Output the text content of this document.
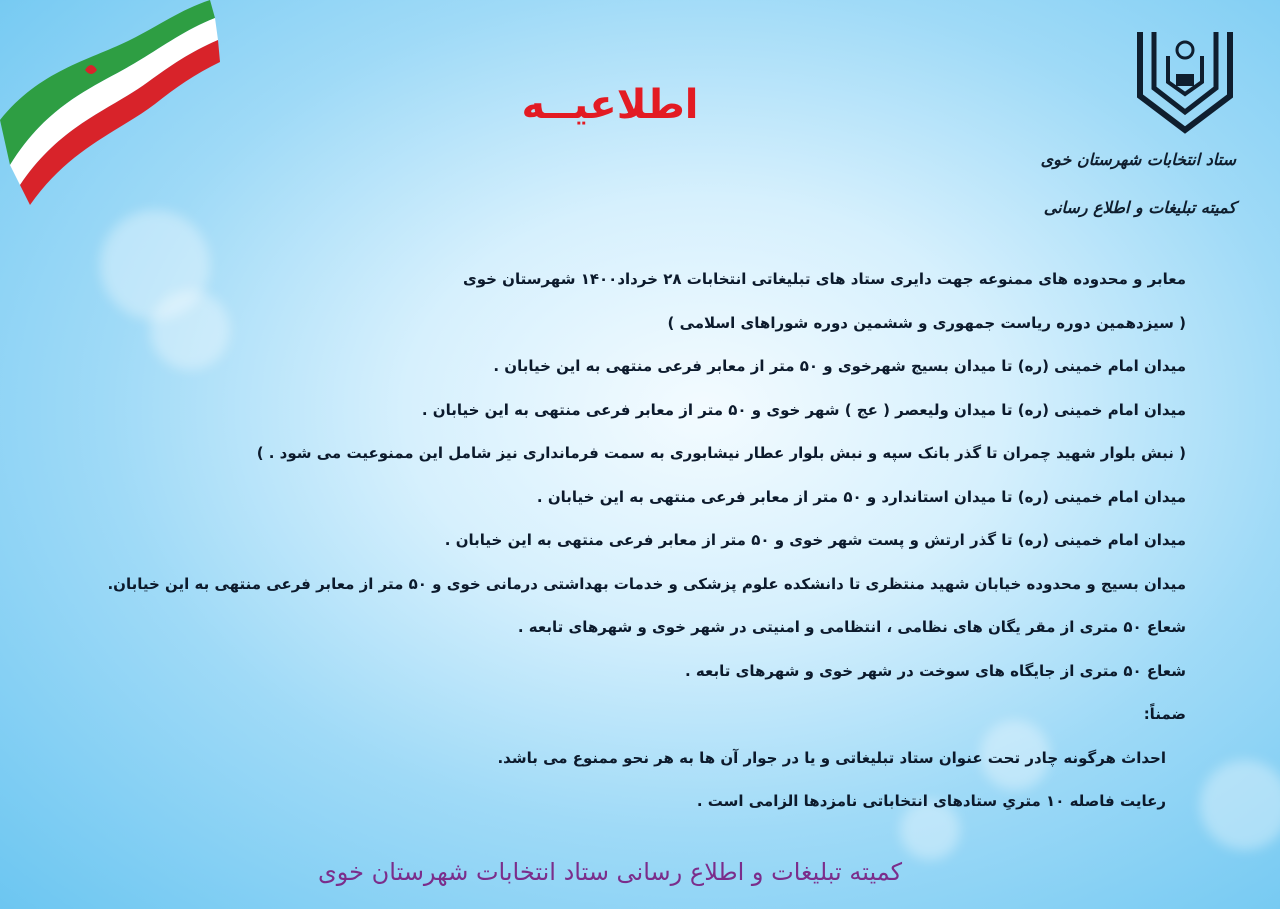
اطلاعیــه
ستاد انتخابات شهرستان خوی
کمیته تبلیغات و اطلاع رسانی
معابر و محدوده های ممنوعه جهت دایری ستاد های تبلیغاتی انتخابات ۲۸ خرداد۱۴۰۰ شهرستان خوی
( سیزدهمین دوره ریاست جمهوری و ششمین دوره شوراهای اسلامی )
میدان امام خمینی (ره) تا میدان بسیج شهرخوی و ۵۰ متر از معابر فرعی منتهی به این خیابان .
میدان امام خمینی (ره) تا میدان ولیعصر ( عج ) شهر خوی و ۵۰ متر از معابر فرعی منتهی به این خیابان .
( نبش بلوار شهید چمران تا گذر بانک سپه و نبش بلوار عطار نیشابوری به سمت فرمانداری نیز شامل این ممنوعیت می شود . )
میدان امام خمینی (ره) تا میدان استاندارد و ۵۰ متر از معابر فرعی منتهی به این خیابان .
میدان امام خمینی (ره) تا گذر ارتش و پست شهر خوی و ۵۰ متر از معابر فرعی منتهی به این خیابان .
میدان بسیج و محدوده خیابان شهید منتظری تا دانشکده علوم پزشکی و خدمات بهداشتی درمانی خوی و ۵۰ متر از معابر فرعی منتهی به این خیابان.
شعاع ۵۰ متری از مقر یگان های نظامی ، انتظامی و امنیتی در شهر خوی و شهرهای تابعه .
شعاع ۵۰ متری از جایگاه های سوخت در شهر خوی و شهرهای تابعه .
ضمناً:
احداث هرگونه چادر تحت عنوان ستاد تبلیغاتی و یا در جوار آن ها به هر نحو ممنوع می باشد.
رعایت فاصله ۱۰ متریِ ستادهای انتخاباتی نامزدها الزامی است .
کمیته تبلیغات و اطلاع رسانی ستاد انتخابات شهرستان خوی
